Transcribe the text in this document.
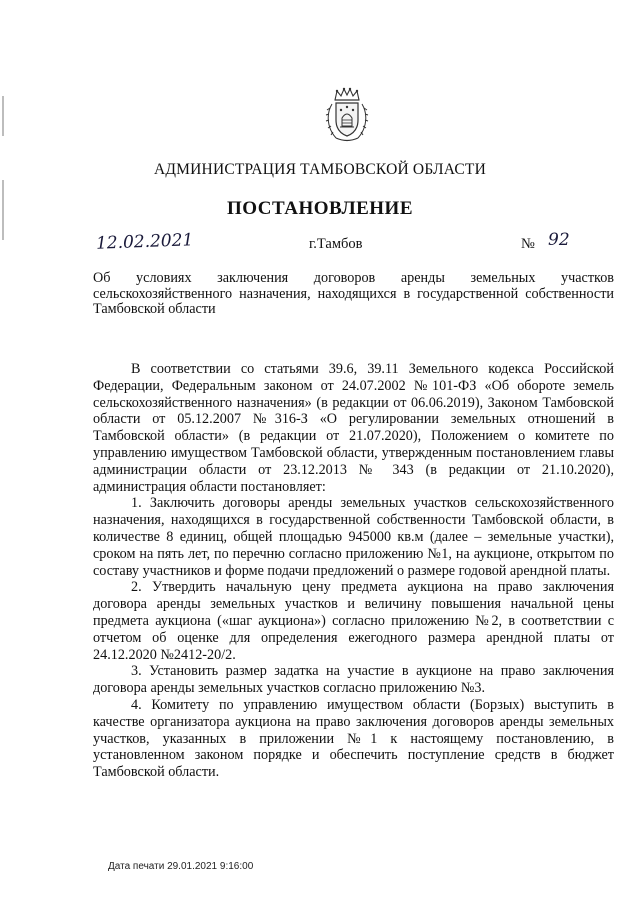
АДМИНИСТРАЦИЯ ТАМБОВСКОЙ ОБЛАСТИ
ПОСТАНОВЛЕНИЕ
12.02.2021	г.Тамбов	№ 92
Об условиях заключения договоров аренды земельных участков сельскохозяйственного назначения, находящихся в государственной собственности Тамбовской области

В соответствии со статьями 39.6, 39.11 Земельного кодекса Российской Федерации, Федеральным законом от 24.07.2002 №101-ФЗ «Об обороте земель сельскохозяйственного назначения» (в редакции от 06.06.2019), Законом Тамбовской области от 05.12.2007 №316-З «О регулировании земельных отношений в Тамбовской области» (в редакции от 21.07.2020), Положением о комитете по управлению имуществом Тамбовской области, утвержденным постановлением главы администрации области от 23.12.2013 № 343 (в редакции от 21.10.2020), администрация области постановляет:

1. Заключить договоры аренды земельных участков сельскохозяйственного назначения, находящихся в государственной собственности Тамбовской области, в количестве 8 единиц, общей площадью 945000 кв.м (далее – земельные участки), сроком на пять лет, по перечню согласно приложению №1, на аукционе, открытом по составу участников и форме подачи предложений о размере годовой арендной платы.

2. Утвердить начальную цену предмета аукциона на право заключения договора аренды земельных участков и величину повышения начальной цены предмета аукциона («шаг аукциона») согласно приложению №2, в соответствии с отчетом об оценке для определения ежегодного размера арендной платы от 24.12.2020 №2412-20/2.

3. Установить размер задатка на участие в аукционе на право заключения договора аренды земельных участков согласно приложению №3.

4. Комитету по управлению имуществом области (Борзых) выступить в качестве организатора аукциона на право заключения договоров аренды земельных участков, указанных в приложении №1 к настоящему постановлению, в установленном законом порядке и обеспечить поступление средств в бюджет Тамбовской области.

Дата печати 29.01.2021 9:16:00
